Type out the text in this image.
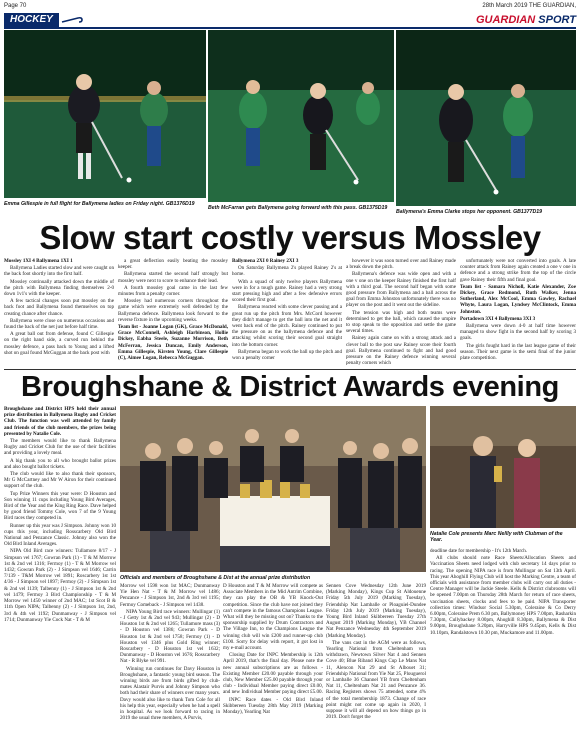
Page 70	28th March 2019 THE GUARDIAN,
HOCKEY	GUARDIAN SPORT
Emma Gillespie in full flight for Ballymena ladies on Friday night. GB1376D19
Beth McFarran gets Ballymena going forward with this pass. GB1375D19
Ballymena's Emma Clarke stops her opponent. GB1377D19
Slow start costly versus Mossley

Mossley 1XI 4 Ballymena 1XI 1

Ballymena Ladies started slow and were caught on the back foot shortly into the first half.

Mossley continually attacked down the middle of the pitch with Ballymena finding themselves 2-0 down 1v1's with the keeper.

A few tactical changes soon put mossley on the back foot and Ballymena found themselves on top creating chance after chance.

Ballymena were close on numerous occasions and found the back of the net just before half time.

A great ball out from defense, found C Gillespie on the right hand side, a curved run behind the mossley defence, a pass back to Young and a lifted shot on goal found McGuggan at the back post with

a great deflection easily beating the mossley keeper.

Ballymena started the second half strongly but mossley were next to score to enhance their lead.

A fourth mossley goal came in the last few minutes from a penalty corner.

Mossley had numerous corners throughout the game which were extremely well defended by the Ballymena defence. Ballymena look forward to the reverse fixture in the upcoming weeks.

Team list - Joanne Logan (GK), Grace McDonald, Grace McConnell, Ashleigh Harbinson, Hollie Dickey, Eabha Steele, Suzanne Morrison, Beth McFerran, Jessica Duncan, Emily Anderson, Emma Gillespie, Kirsten Young, Clare Gillespie (C), Aimee Logan, Rebecca McGuggan.

Ballymena 2XI 0 Rainey 2XI 3

On Saturday Ballymena 2's played Rainey 2's at home.

With a squad of only twelve players Ballymena were in for a tough game. Rainey had a very strong start pressing high and after a few defensive errors scored their first goal.

Ballymena reacted with some clever passing and a great run up the pitch from Mrs. McCord however they didn't manage to get the ball into the net and it went back end of the pitch. Rainey continued to put the pressure on as the ballymena defence and the attacking whilst scoring their second goal straight into the bottom corner.

Ballymena began to work the ball up the pitch and won a penalty corner

however it was soon turned over and Rainey made a break down the pitch.

Ballymena's defence was wide open and with a one v one on the keeper Rainey finished the first half with a third goal. The second half began with some good pressure from Ballymena and a ball across the goal from Emma Johnston unfortunately there was no player on the post and it went out the sideline.

The tension was high and both teams were determined to get the ball, which caused the umpire to stop speak to the opposition and settle the game several times.

Rainey again came on with a strong attack and a clever ball to the post saw Rainey score their fourth goal. Ballymena continued to fight and had good pressure on the Rainey defence winning several penalty corners which

unfortunately were not converted into goals. A late counter attack from Rainey again created a one v one in defence and a strong strike from the top of the circle gave Rainey their fifth and final goal.

Team list - Samara Nicholl, Katie Alexander, Zoe Dickey, Grace Redmond, Ruth Walker, Jenna Sutherland, Alex McCool, Emma Gawley, Rachael Whyte, Laura Logan, Lyndsey McClintock, Emma Johnston.

Portadown 3XI 4 Ballymena 3XI 3

Ballymena were down 4-0 at half time however managed to show fight in the second half by scoring 3 goals.

The girls fought hard in the last league game of their season. Their next game is the semi final of the junior plate competition.

Broughshane & District Awards evening

Broughshane and District HPS held their annual prize distribution in Ballymena Rugby and Cricket Club. The function was well attended by family and friends of the club members, the prizes being presented by Natalie Cole.

The members would like to thank Ballymena Rugby and Cricket Club for the use of their facilities and providing a lovely meal.

A big thank you to all who brought ballot prizes and also bought ballot tickets.

The club would like to also thank their sponsors, Mr G McCartney and Mr W Airon for their continued support of the club.

Top Prize Winners this year were: D Houston and Son winning 11 cups including Young Bird Averages, Bird of the Year and the King Ring Race. Dave helped by good friend Tommy Cole, won 7 of the 9 Young Bird races they competed in.

Runner up this year was J Simpson. Johnny won 10 cups this year, including Rosscarbery Old Bird National and Penzance Classic. Johnny also won the Old Bird Inland Averages.

NIPA Old Bird race winners: Tullamore 8/17 - J Simpson vel 1767; Gowran Park (1) - T & M Morrow 1st & 2nd vel 1316; Fermoy (1) - T & M Morrow vel 1432; Gowran Park (2) - J Simpson vel 1646; Carrin 7/139 - T&M Morrow vel 1891; Roscarbery 1st 1st 4/36 - J Simpson vel 1897; Fermoy (2) - J Simpson 1st & 2nd vel 1139; Talbenny (1) - J Simpson 1st & 2nd vel 1479; Fermoy 3 Bird Championship - T & M Morrow vel 1450 winner of 2nd MAC; 1st Scot B & 11th Open NIPA; Talbenny (2) - J Simpson 1st, 2nd, 3rd & 4th vel 1192; Dunmanway - J Simpson vel 1714; Dunmanway Yie Cock Nat - T & M

Natalie Cole presents Marc Nellly with Clubman of the Year.
Officials and members of Broughshane & Dist at the annual prize distribution

Morrow vel 1598 won 1st MAC; Dunmanway Yie Hen Nat - T & M Morrow vel 1486; Penzance - J Simpson 1st, 2nd & 3rd vel 1195; Fermoy Comeback - J Simpson vel 1438.

NIPA Young Bird race winners: Mullingar (1) - J Getty 1st & 2nd vel 943; Mullingar (2) - D Houston 1st & 2nd vel 1265; Tullamore mass (3) - D Houston vel 1386; Gowran Park - D Houston 1st & 2nd vel 1758; Fermoy (1) - D Houston vel 1346 plus Gold Ring winner; Roscarbery - D Houston 1st vel 1632; Dunmanway - D Houston vel 1676; Rosscarbery Nat - R Blyke vel 991.

Winning run continues for Davy Houston in Broughshane, a fantastic young bird season. The winning birds are from birds gifted by club-mates Alastair Purvis and Johnny Simpson who both had their share of winners over many years. Davy would also like to thank Tom Cole for all his help this year, especially when he had a spell in hospital. As we look forward to racing in 2019 the usual three members, A Purvis,

D Houston and T & M Morrow will compete as Associate Members in the Mid Antrim Combine, they can play the OB & YB Knock-Out competition. Since the club have not joined they can't compete in the famous Champions League. What will they be missing out on? Thanks to the sponsorship supplied by Drum Contractors and The Village Inn, to the Champions League the winning club will win £200 and runner-up club £100. Sorry for delay with report, it got lost in my e-mail account.

Closing Date for INPC Membership is 12th April 2019, that's the final day. Please note the new annual subscriptions are as follows - Existing Member £20.00 payable through your club, New Member £25.00 payable through your club - Individual Member paying direct £0.00, and new Individual Member paying direct £5.00.

INPC Race dates - Old Bird Inland Skibbereen Tuesday 28th May 2019 (Marking Monday), Yearling Nat

Sennen Cove Wednesday 12th June 2019 (Marking Monday), Kings Cup St Aldouenne Friday 5th July 2019 (Marking Tuesday), Friendship Nat Lamballe or Ploaguiel-Dundee Friday 12th July 2019 (Marking Tuesday), Young Bird Inland Skibbereen Tuesday 27th August 2019 (Marking Monday), YB Channel Nat Penzance Wednesday 4th September 2019 (Marking Monday).

The vans cast in the AGM were as follows, Yearling National from Cheltenham van withdrawn, Newtown Silver Nat 4 and Sennen Cove 40; Blue Riband Kings Cup Le Mans Nat 11, Alencon Nat 29 and St Albouet 31; Friendship National from Yie Nat 25, Plouguerol or Lamballe 36 Channel YB from Cheltenham Nat 11, Cheltenham Nat 21 and Penzance 36. Racing Registers shows 75 attended, some 4% of the total membership 1873. Change of race point might not come up again in 2020, I suppose it will all depend on how things go in 2019. Don't forget the

deadline date for membership - It's 12th March.

All clubs should note Race Sheets/Allocation Sheets and Vaccination Sheets need lodged with club secretary 14 days prior to racing. The opening NIPA race is from Mullingar on Sat 13th April. This year Ahoghill Flying Club will host the Marking Centre, a team of officials with assistance from member clubs will carry out all duties - Centre Manager will be Jackie Steele. Kells & District clubrooms will be opened 7.00pm on Thursday 28th March for return of race sheets, vaccination sheets, clocks and fees to be paid. NIPA Transporter collection times: Windsor Social 5.30pm, Coleraine & Co Derry 6.00pm, Coleraine Prem 6.30 pm, Ballymoney HPS 7.00pm, Rasharkin 7.30pm, Cullybackey 8.00pm, Ahoghill 8.30pm, Ballymena & Dist 9.00pm, Broughshane 9.20pm, Harryville HPS 9.45pm, Kells & Dist 10.10pm, Randalstown 10.30 pm, Muckamore and 11.00pm.
